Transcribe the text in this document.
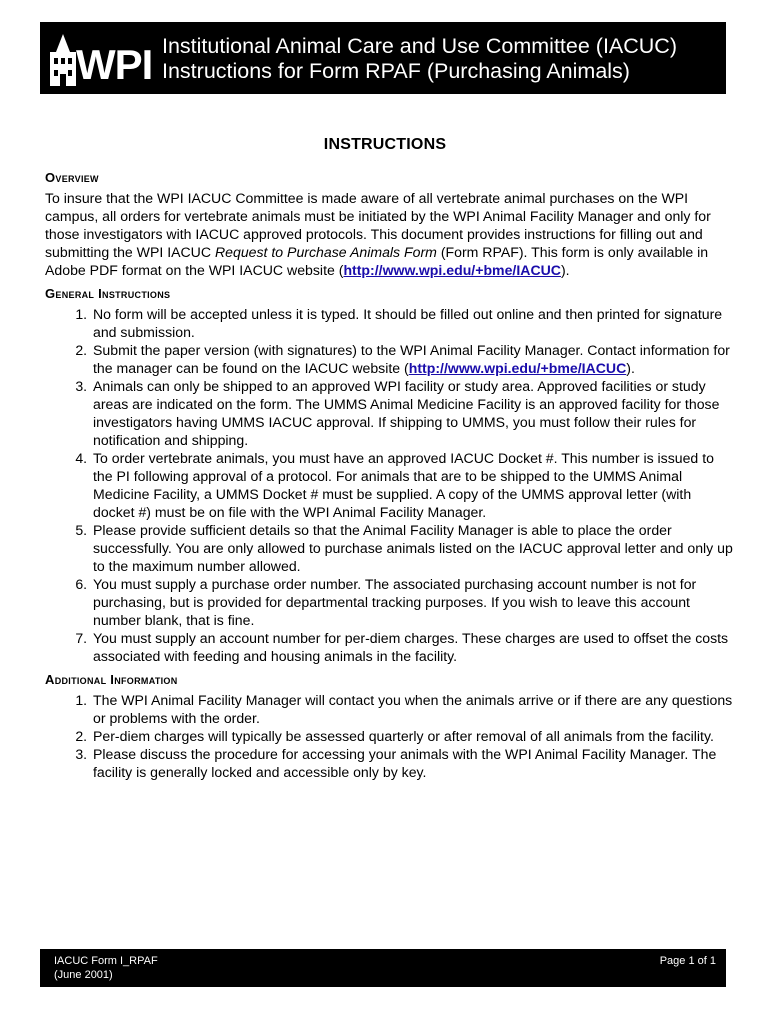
WPI Institutional Animal Care and Use Committee (IACUC)
Instructions for Form RPAF (Purchasing Animals)
INSTRUCTIONS
Overview

To insure that the WPI IACUC Committee is made aware of all vertebrate animal purchases on the WPI campus, all orders for vertebrate animals must be initiated by the WPI Animal Facility Manager and only for those investigators with IACUC approved protocols. This document provides instructions for filling out and submitting the WPI IACUC Request to Purchase Animals Form (Form RPAF). This form is only available in Adobe PDF format on the WPI IACUC website (http://www.wpi.edu/+bme/IACUC).

General Instructions
1. No form will be accepted unless it is typed. It should be filled out online and then printed for signature and submission.
2. Submit the paper version (with signatures) to the WPI Animal Facility Manager. Contact information for the manager can be found on the IACUC website (http://www.wpi.edu/+bme/IACUC).
3. Animals can only be shipped to an approved WPI facility or study area. Approved facilities or study areas are indicated on the form. The UMMS Animal Medicine Facility is an approved facility for those investigators having UMMS IACUC approval. If shipping to UMMS, you must follow their rules for notification and shipping.
4. To order vertebrate animals, you must have an approved IACUC Docket #. This number is issued to the PI following approval of a protocol. For animals that are to be shipped to the UMMS Animal Medicine Facility, a UMMS Docket # must be supplied. A copy of the UMMS approval letter (with docket #) must be on file with the WPI Animal Facility Manager.
5. Please provide sufficient details so that the Animal Facility Manager is able to place the order successfully. You are only allowed to purchase animals listed on the IACUC approval letter and only up to the maximum number allowed.
6. You must supply a purchase order number. The associated purchasing account number is not for purchasing, but is provided for departmental tracking purposes. If you wish to leave this account number blank, that is fine.
7. You must supply an account number for per-diem charges. These charges are used to offset the costs associated with feeding and housing animals in the facility.
Additional Information
1. The WPI Animal Facility Manager will contact you when the animals arrive or if there are any questions or problems with the order.
2. Per-diem charges will typically be assessed quarterly or after removal of all animals from the facility.
3. Please discuss the procedure for accessing your animals with the WPI Animal Facility Manager. The facility is generally locked and accessible only by key.
IACUC Form I_RPAF
(June 2001)
Page 1 of 1
